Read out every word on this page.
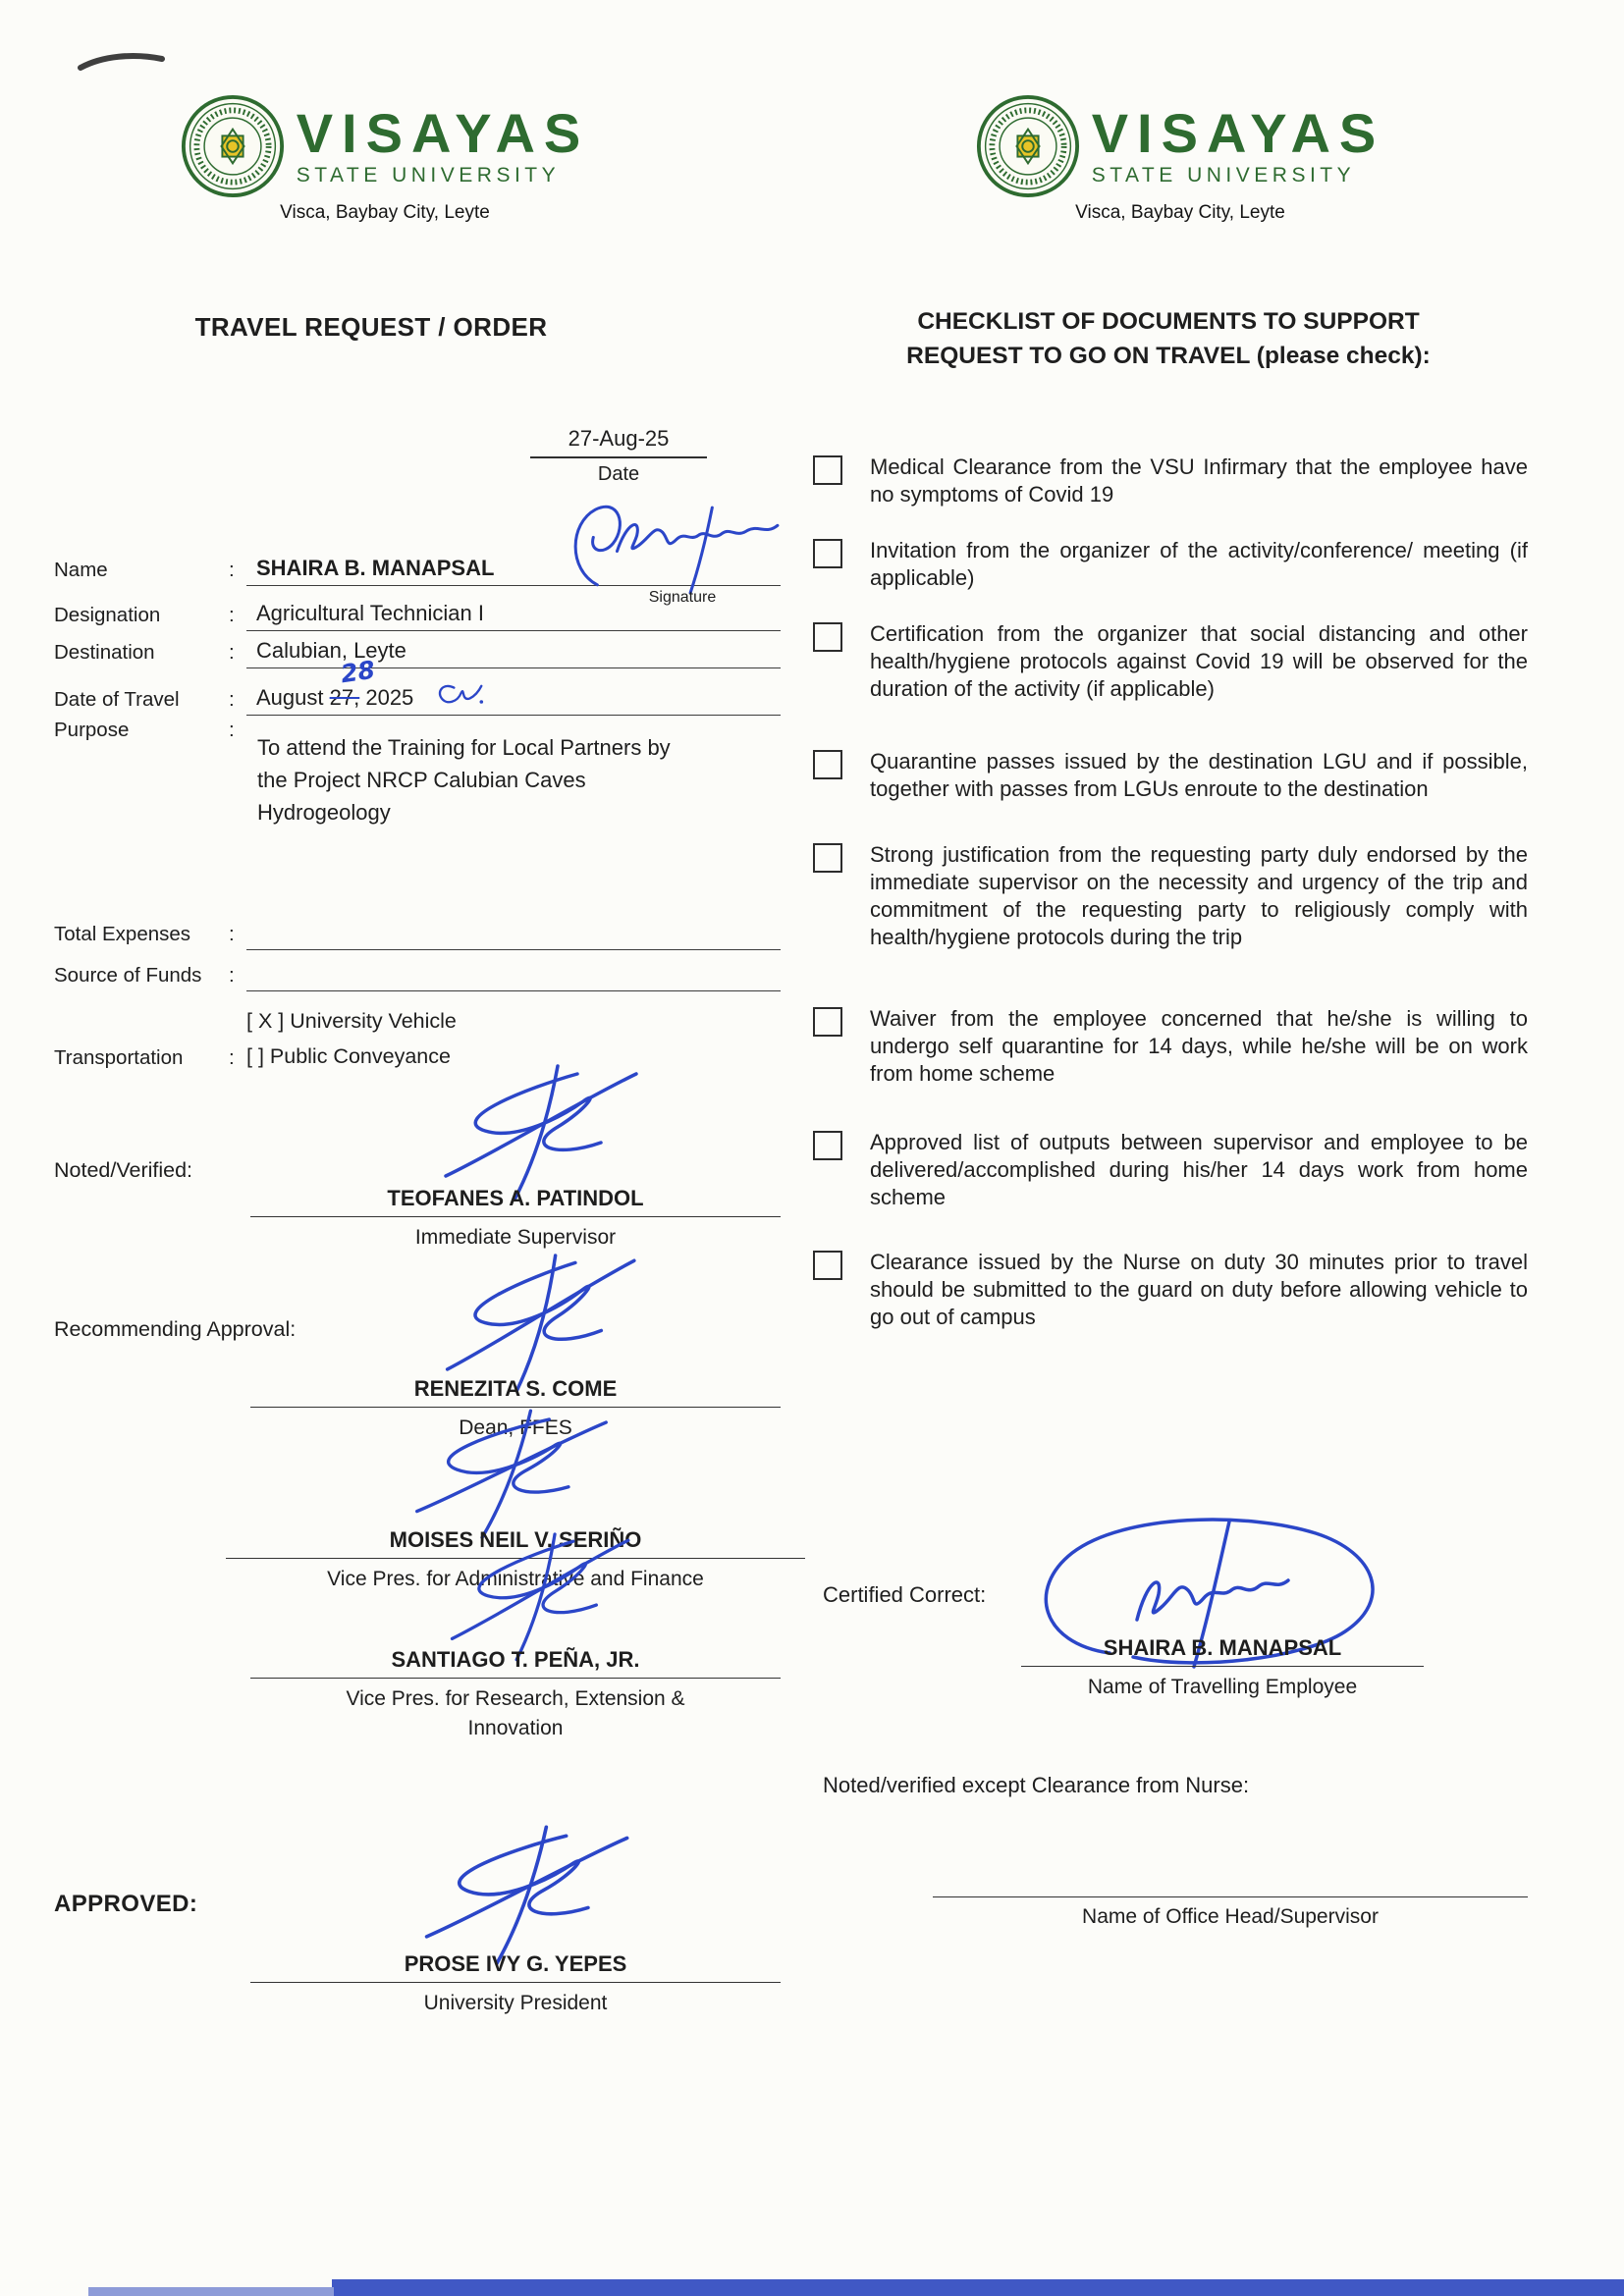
VISAYAS
STATE UNIVERSITY
Visca, Baybay City, Leyte
VISAYAS
STATE UNIVERSITY
Visca, Baybay City, Leyte
TRAVEL REQUEST / ORDER	CHECKLIST OF DOCUMENTS TO SUPPORT
REQUEST TO GO ON TRAVEL (please check):
27-Aug-25
Date
Name	:	SHAIRA B. MANAPSAL
Signature
Designation	:	Agricultural Technician I
Destination	:	Calubian, Leyte
Date of Travel	:	August 27, 2025
28
Purpose	:
To attend the Training for Local Partners by the Project NRCP Calubian Caves Hydrogeology
Total Expenses	:
Source of Funds	:
Transportation	:
[ X ] University Vehicle
[ ] Public Conveyance
Noted/Verified:
TEOFANES A. PATINDOL
Immediate Supervisor
Recommending Approval:
RENEZITA S. COME
Dean, FFES
MOISES NEIL V. SERIÑO
Vice Pres. for Administrative and Finance
SANTIAGO T. PEÑA, JR.
Vice Pres. for Research, Extension & Innovation
APPROVED:
PROSE IVY G. YEPES
University President
Medical Clearance from the VSU Infirmary that the employee have no symptoms of Covid 19
Invitation from the organizer of the activity/conference/ meeting (if applicable)
Certification from the organizer that social distancing and other health/hygiene protocols against Covid 19 will be observed for the duration of the activity (if applicable)
Quarantine passes issued by the destination LGU and if possible, together with passes from LGUs enroute to the destination
Strong justification from the requesting party duly endorsed by the immediate supervisor on the necessity and urgency of the trip and commitment of the requesting party to religiously comply with health/hygiene protocols during the trip
Waiver from the employee concerned that he/she is willing to undergo self quarantine for 14 days, while he/she will be on work from home scheme
Approved list of outputs between supervisor and employee to be delivered/accomplished during his/her 14 days work from home scheme
Clearance issued by the Nurse on duty 30 minutes prior to travel should be submitted to the guard on duty before allowing vehicle to go out of campus
Certified Correct:
SHAIRA B. MANAPSAL
Name of Travelling Employee
Noted/verified except Clearance from Nurse:
Name of Office Head/Supervisor
